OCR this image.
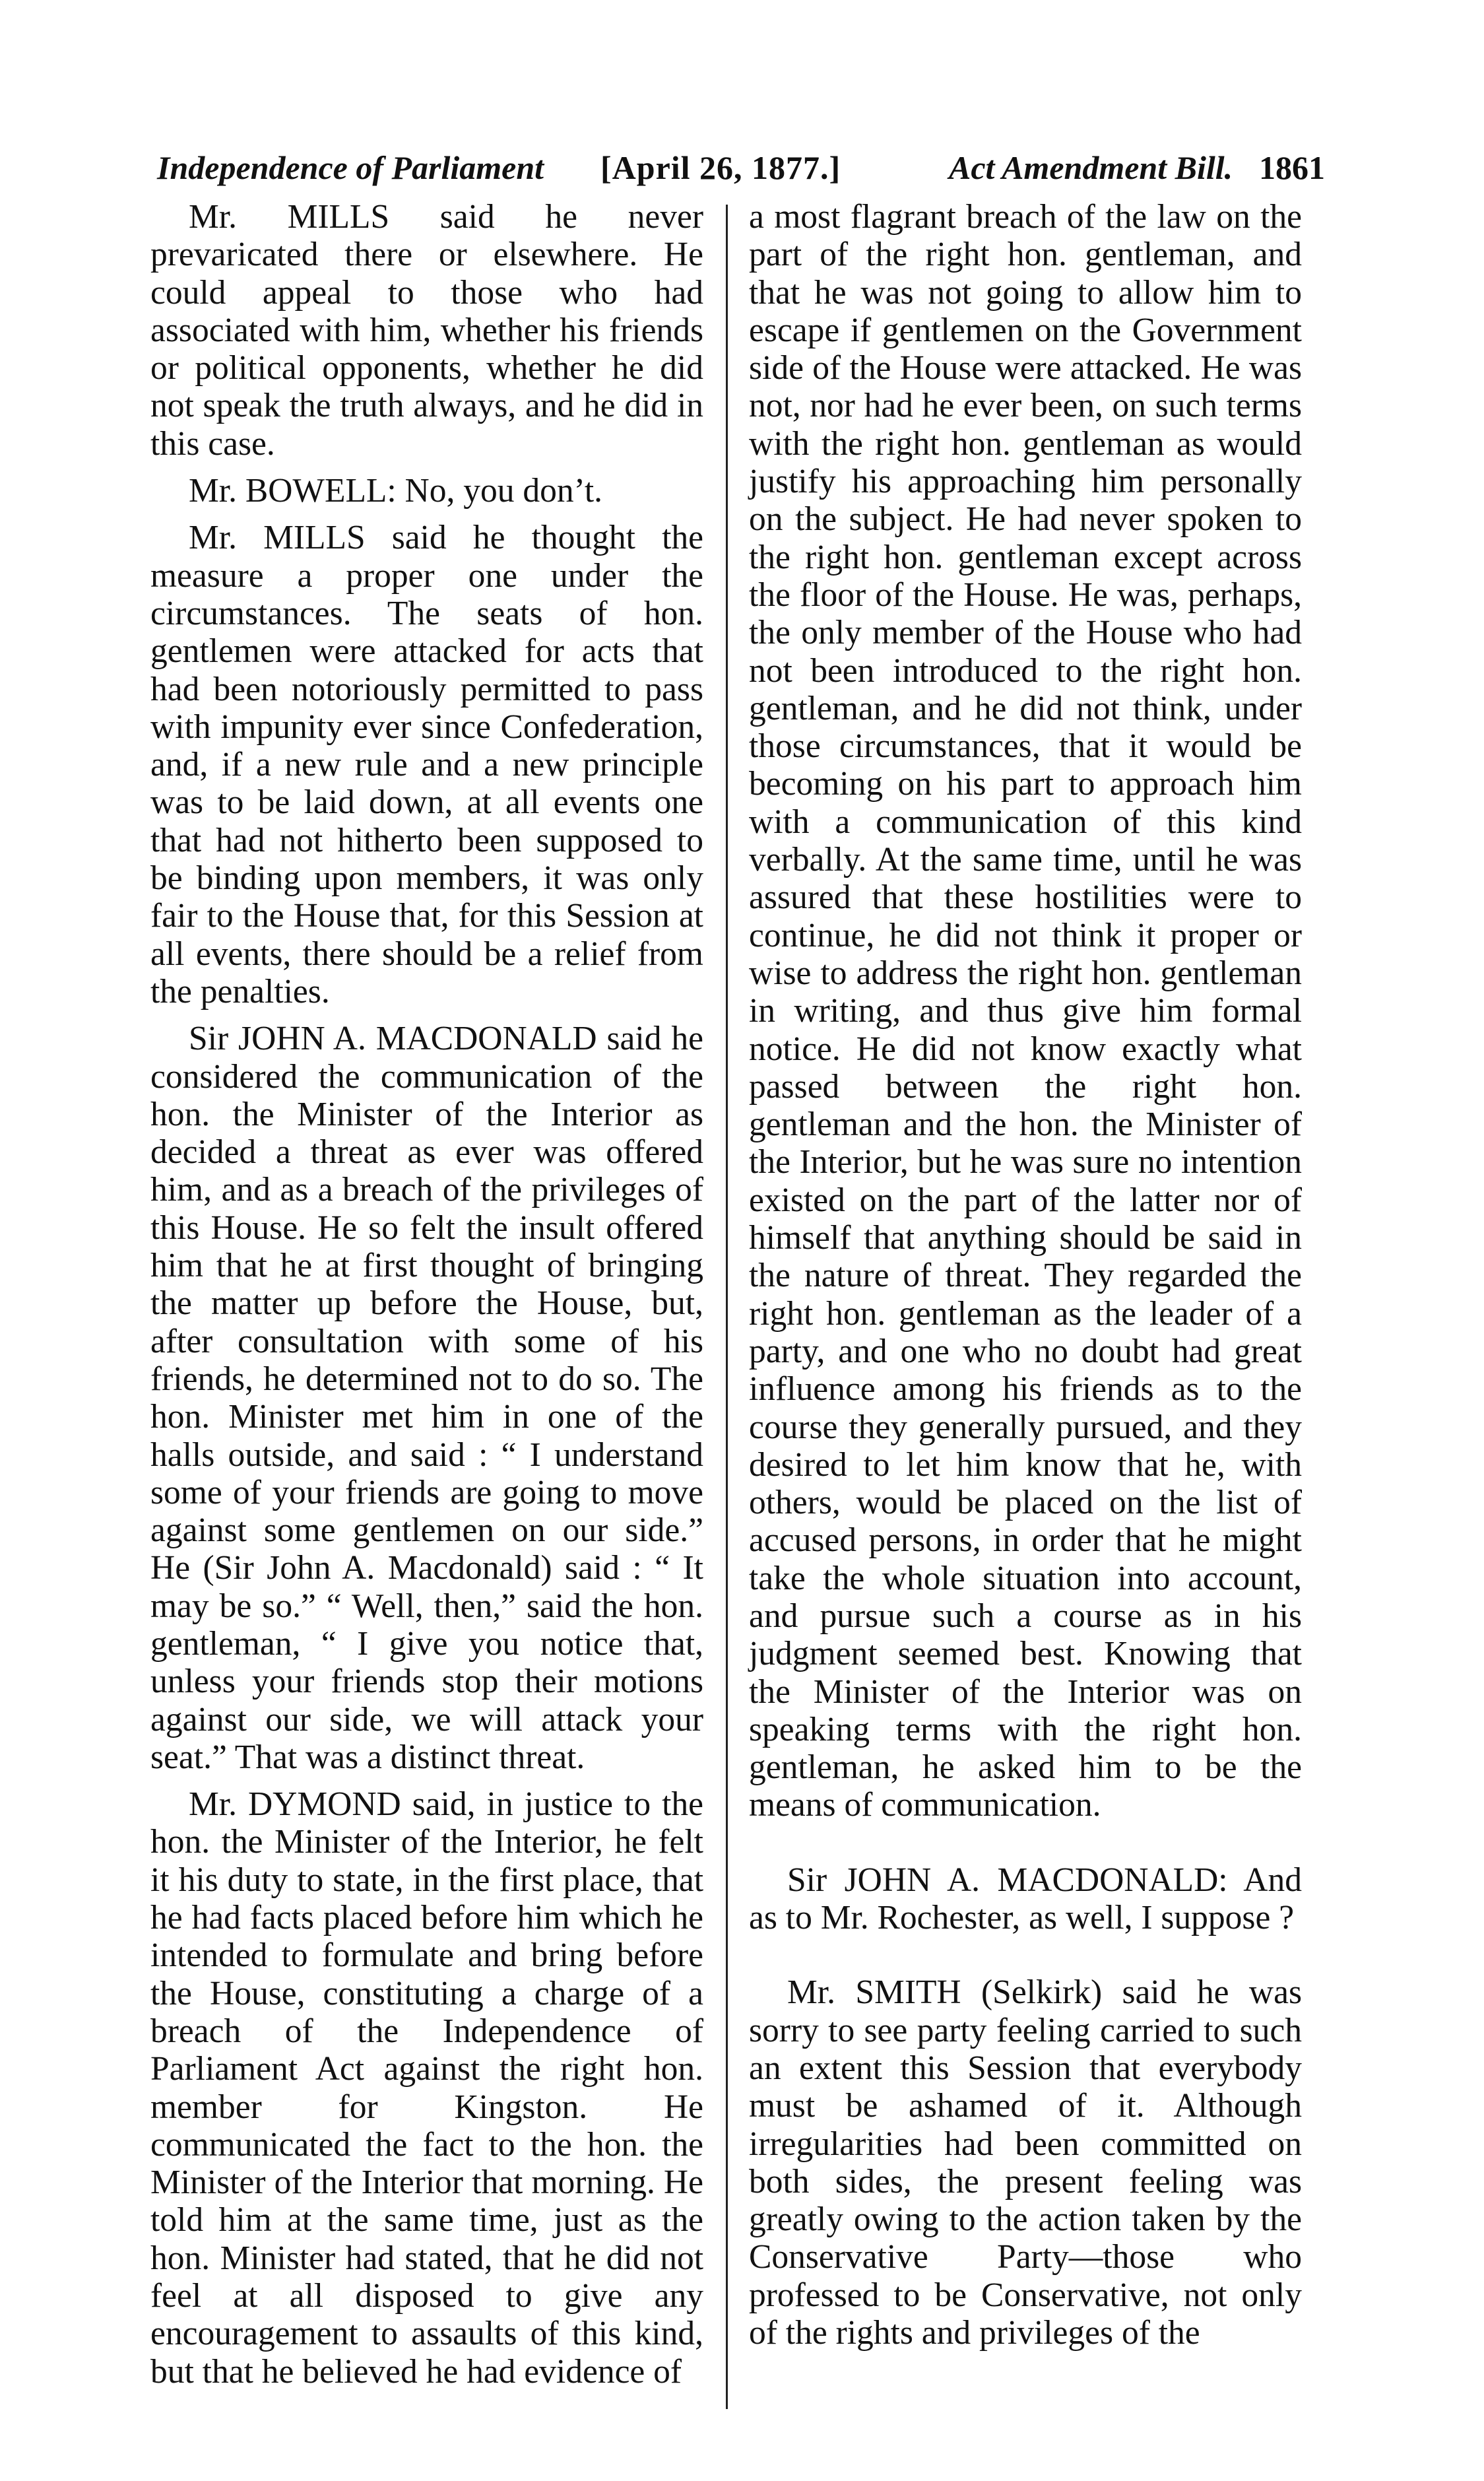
Independence of Parliament [April 26, 1877.]	Act Amendment Bill. 1861

Mr. MILLS said he never prevaricated there or elsewhere. He could appeal to those who had associated with him, whether his friends or political opponents, whether he did not speak the truth always, and he did in this case.

Mr. BOWELL: No, you don’t.

Mr. MILLS said he thought the measure a proper one under the circumstances. The seats of hon. gentlemen were attacked for acts that had been notoriously permitted to pass with impunity ever since Confederation, and, if a new rule and a new principle was to be laid down, at all events one that had not hitherto been supposed to be binding upon members, it was only fair to the House that, for this Session at all events, there should be a relief from the penalties.

Sir JOHN A. MACDONALD said he considered the communication of the hon. the Minister of the Interior as decided a threat as ever was offered him, and as a breach of the privileges of this House. He so felt the insult offered him that he at first thought of bringing the matter up before the House, but, after consultation with some of his friends, he determined not to do so. The hon. Minister met him in one of the halls outside, and said : “ I understand some of your friends are going to move against some gentlemen on our side.” He (Sir John A. Macdonald) said : “ It may be so.” “ Well, then,” said the hon. gentleman, “ I give you notice that, unless your friends stop their motions against our side, we will attack your seat.” That was a distinct threat.

Mr. DYMOND said, in justice to the hon. the Minister of the Interior, he felt it his duty to state, in the first place, that he had facts placed before him which he intended to formulate and bring before the House, constituting a charge of a breach of the Independence of Parliament Act against the right hon. member for Kingston. He communicated the fact to the hon. the Minister of the Interior that morning. He told him at the same time, just as the hon. Minister had stated, that he did not feel at all disposed to give any encouragement to assaults of this kind, but that he believed he had evidence of

a most flagrant breach of the law on the part of the right hon. gentleman, and that he was not going to allow him to escape if gentlemen on the Government side of the House were attacked. He was not, nor had he ever been, on such terms with the right hon. gentleman as would justify his approaching him personally on the subject. He had never spoken to the right hon. gentleman except across the floor of the House. He was, perhaps, the only member of the House who had not been introduced to the right hon. gentleman, and he did not think, under those circumstances, that it would be becoming on his part to approach him with a communication of this kind verbally. At the same time, until he was assured that these hostilities were to continue, he did not think it proper or wise to address the right hon. gentleman in writing, and thus give him formal notice. He did not know exactly what passed between the right hon. gentleman and the hon. the Minister of the Interior, but he was sure no intention existed on the part of the latter nor of himself that anything should be said in the nature of threat. They regarded the right hon. gentleman as the leader of a party, and one who no doubt had great influence among his friends as to the course they generally pursued, and they desired to let him know that he, with others, would be placed on the list of accused persons, in order that he might take the whole situation into account, and pursue such a course as in his judgment seemed best. Knowing that the Minister of the Interior was on speaking terms with the right hon. gentleman, he asked him to be the means of communication.

Sir JOHN A. MACDONALD: And as to Mr. Rochester, as well, I suppose ?

Mr. SMITH (Selkirk) said he was sorry to see party feeling carried to such an extent this Session that everybody must be ashamed of it. Although irregularities had been committed on both sides, the present feeling was greatly owing to the action taken by the Conservative Party—those who professed to be Conservative, not only of the rights and privileges of the
